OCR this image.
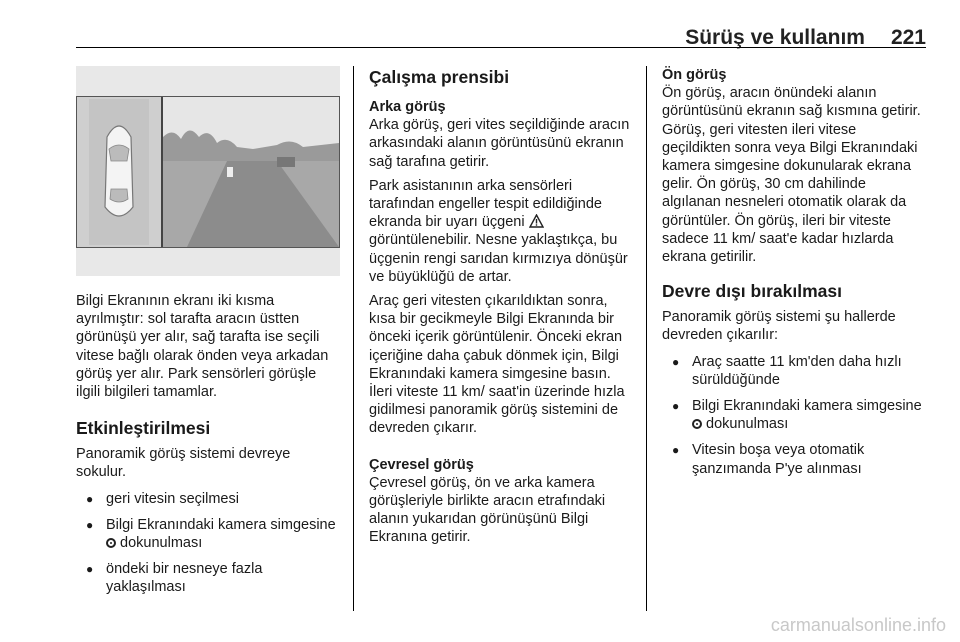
Sürüş ve kullanım 221

Bilgi Ekranının ekranı iki kısma ayrılmıştır: sol tarafta aracın üstten görünüşü yer alır, sağ tarafta ise seçili vitese bağlı olarak önden veya arkadan görüş yer alır. Park sensörleri görüşle ilgili bilgileri tamamlar.

Etkinleştirilmesi

Panoramik görüş sistemi devreye sokulur.

● geri vitesin seçilmesi

● Bilgi Ekranındaki kamera simgesine  dokunulması

● öndeki bir nesneye fazla yaklaşılması

Çalışma prensibi

Arka görüş

Arka görüş, geri vites seçildiğinde aracın arkasındaki alanın görüntüsünü ekranın sağ tarafına getirir.

Park asistanının arka sensörleri tarafından engeller tespit edildiğinde ekranda bir uyarı üçgeni  görüntülenebilir. Nesne yaklaştıkça, bu üçgenin rengi sarıdan kırmızıya dönüşür ve büyüklüğü de artar.

Araç geri vitesten çıkarıldıktan sonra, kısa bir gecikmeyle Bilgi Ekranında bir önceki içerik görüntülenir. Önceki ekran içeriğine daha çabuk dönmek için, Bilgi Ekranındaki kamera simgesine basın. İleri viteste 11 km/ saat'in üzerinde hızla gidilmesi panoramik görüş sistemini de devreden çıkarır.

Çevresel görüş

Çevresel görüş, ön ve arka kamera görüşleriyle birlikte aracın etrafındaki alanın yukarıdan görünüşünü Bilgi Ekranına getirir.

Ön görüş

Ön görüş, aracın önündeki alanın görüntüsünü ekranın sağ kısmına getirir. Görüş, geri vitesten ileri vitese geçildikten sonra veya Bilgi Ekranındaki kamera simgesine dokunularak ekrana gelir. Ön görüş, 30 cm dahilinde algılanan nesneleri otomatik olarak da görüntüler. Ön görüş, ileri bir viteste sadece 11 km/ saat'e kadar hızlarda ekrana getirilir.

Devre dışı bırakılması

Panoramik görüş sistemi şu hallerde devreden çıkarılır:

● Araç saatte 11 km'den daha hızlı sürüldüğünde

● Bilgi Ekranındaki kamera simgesine  dokunulması

● Vitesin boşa veya otomatik şanzımanda P'ye alınması

carmanualsonline.info
